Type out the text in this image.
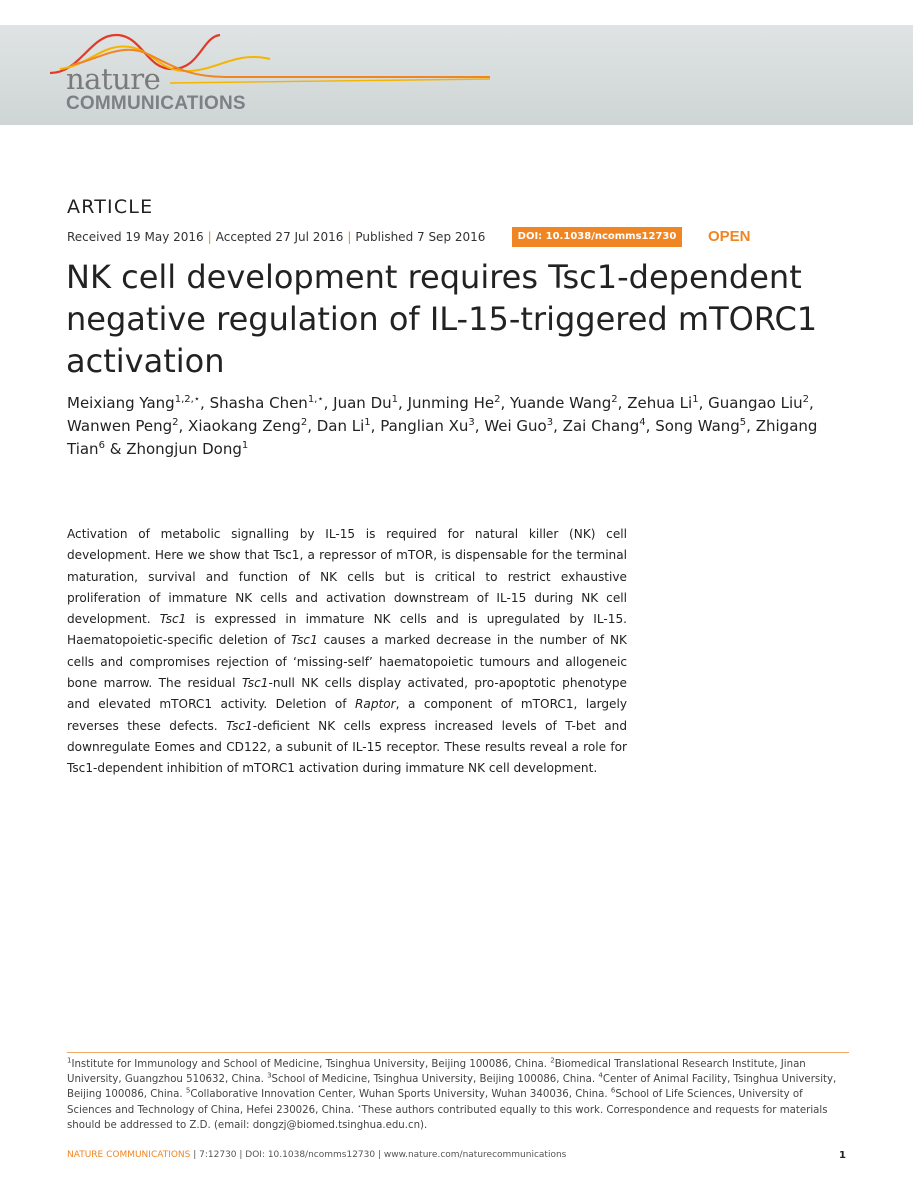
nature
COMMUNICATIONS
ARTICLE
Received 19 May 2016 | Accepted 27 Jul 2016 | Published 7 Sep 2016	DOI: 10.1038/ncomms12730	OPEN
NK cell development requires Tsc1-dependent negative regulation of IL-15-triggered mTORC1 activation
Meixiang Yang$^{1,2,⋆}$, Shasha Chen$^{1,⋆}$, Juan Du$^1$, Junming He$^2$, Yuande Wang$^2$, Zehua Li$^1$, Guangao Liu$^2$, Wanwen Peng$^2$, Xiaokang Zeng$^2$, Dan Li$^1$, Panglian Xu$^3$, Wei Guo$^3$, Zai Chang$^4$, Song Wang$^5$, Zhigang Tian$^6$ & Zhongjun Dong$^1$
Activation of metabolic signalling by IL-15 is required for natural killer (NK) cell development. Here we show that Tsc1, a repressor of mTOR, is dispensable for the terminal maturation, survival and function of NK cells but is critical to restrict exhaustive proliferation of immature NK cells and activation downstream of IL-15 during NK cell development. Tsc1 is expressed in immature NK cells and is upregulated by IL-15. Haematopoietic-specific deletion of Tsc1 causes a marked decrease in the number of NK cells and compromises rejection of ‘missing-self’ haematopoietic tumours and allogeneic bone marrow. The residual Tsc1-null NK cells display activated, pro-apoptotic phenotype and elevated mTORC1 activity. Deletion of Raptor, a component of mTORC1, largely reverses these defects. Tsc1-deficient NK cells express increased levels of T-bet and downregulate Eomes and CD122, a subunit of IL-15 receptor. These results reveal a role for Tsc1-dependent inhibition of mTORC1 activation during immature NK cell development.
$^1$Institute for Immunology and School of Medicine, Tsinghua University, Beijing 100086, China. $^2$Biomedical Translational Research Institute, Jinan University, Guangzhou 510632, China. $^3$School of Medicine, Tsinghua University, Beijing 100086, China. $^4$Center of Animal Facility, Tsinghua University, Beijing 100086, China. $^5$Collaborative Innovation Center, Wuhan Sports University, Wuhan 340036, China. $^6$School of Life Sciences, University of Sciences and Technology of China, Hefei 230026, China. ⋆These authors contributed equally to this work. Correspondence and requests for materials should be addressed to Z.D. (email: dongzj@biomed.tsinghua.edu.cn).
NATURE COMMUNICATIONS | 7:12730 | DOI: 10.1038/ncomms12730 | www.nature.com/naturecommunications	1
